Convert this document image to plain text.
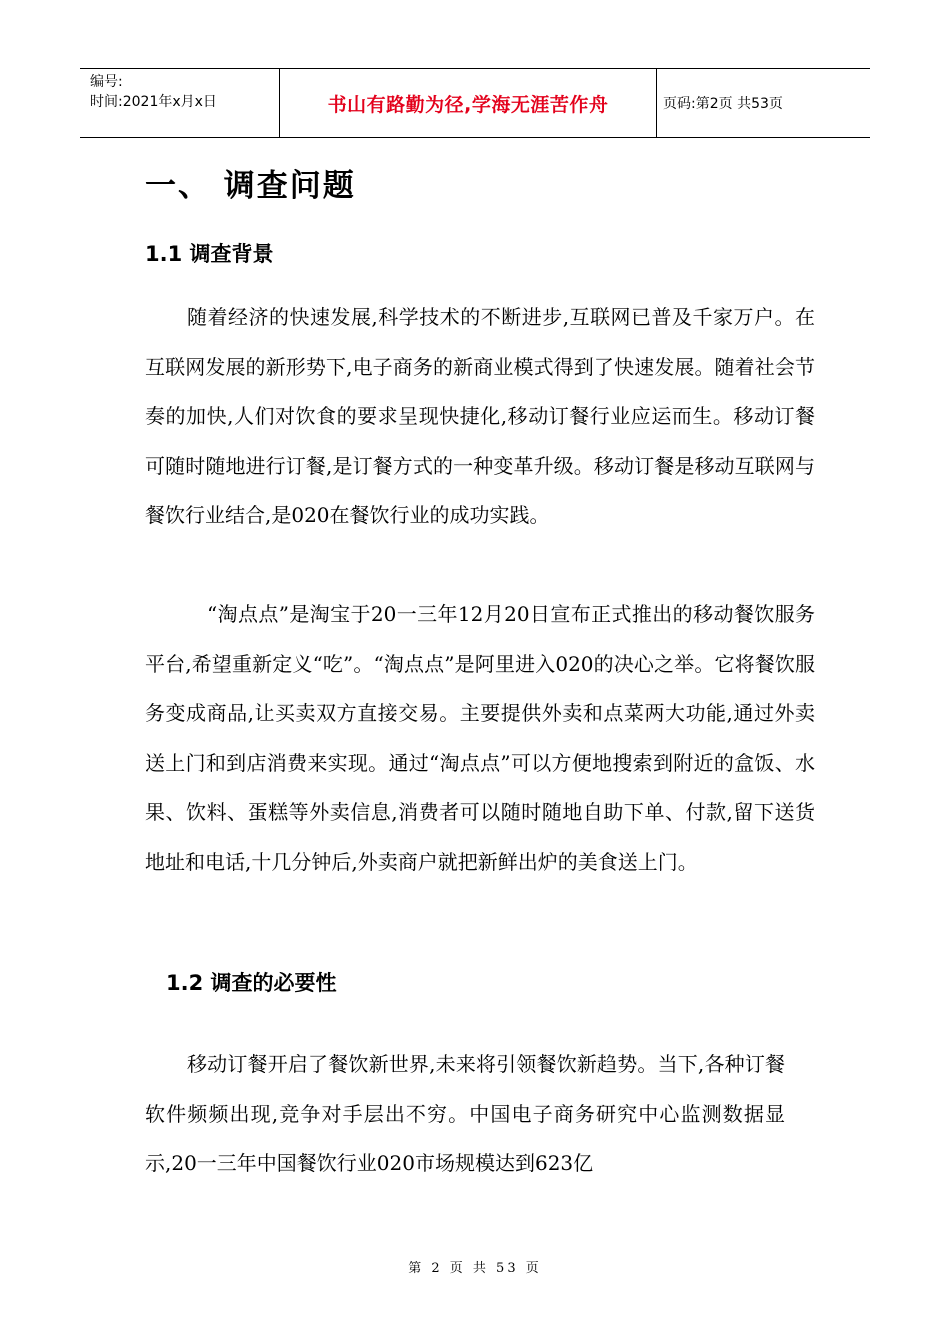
编号:
时间:2021年x月x日	书山有路勤为径,学海无涯苦作舟	页码:第2页 共53页
一、 调查问题
1.1 调查背景

随着经济的快速发展,科学技术的不断进步,互联网已普及千家万户。在互联网发展的新形势下,电子商务的新商业模式得到了快速发展。随着社会节奏的加快,人们对饮食的要求呈现快捷化,移动订餐行业应运而生。移动订餐可随时随地进行订餐,是订餐方式的一种变革升级。移动订餐是移动互联网与餐饮行业结合,是020在餐饮行业的成功实践。

“淘点点”是淘宝于20一三年12月20日宣布正式推出的移动餐饮服务平台,希望重新定义“吃”。“淘点点”是阿里进入020的决心之举。它将餐饮服务变成商品,让买卖双方直接交易。主要提供外卖和点菜两大功能,通过外卖送上门和到店消费来实现。通过“淘点点”可以方便地搜索到附近的盒饭、水果、饮料、蛋糕等外卖信息,消费者可以随时随地自助下单、付款,留下送货地址和电话,十几分钟后,外卖商户就把新鲜出炉的美食送上门。

1.2 调查的必要性

移动订餐开启了餐饮新世界,未来将引领餐饮新趋势。当下,各种订餐软件频频出现,竞争对手层出不穷。中国电子商务研究中心监测数据显示,20一三年中国餐饮行业020市场规模达到623亿

第 2 页 共 53 页
